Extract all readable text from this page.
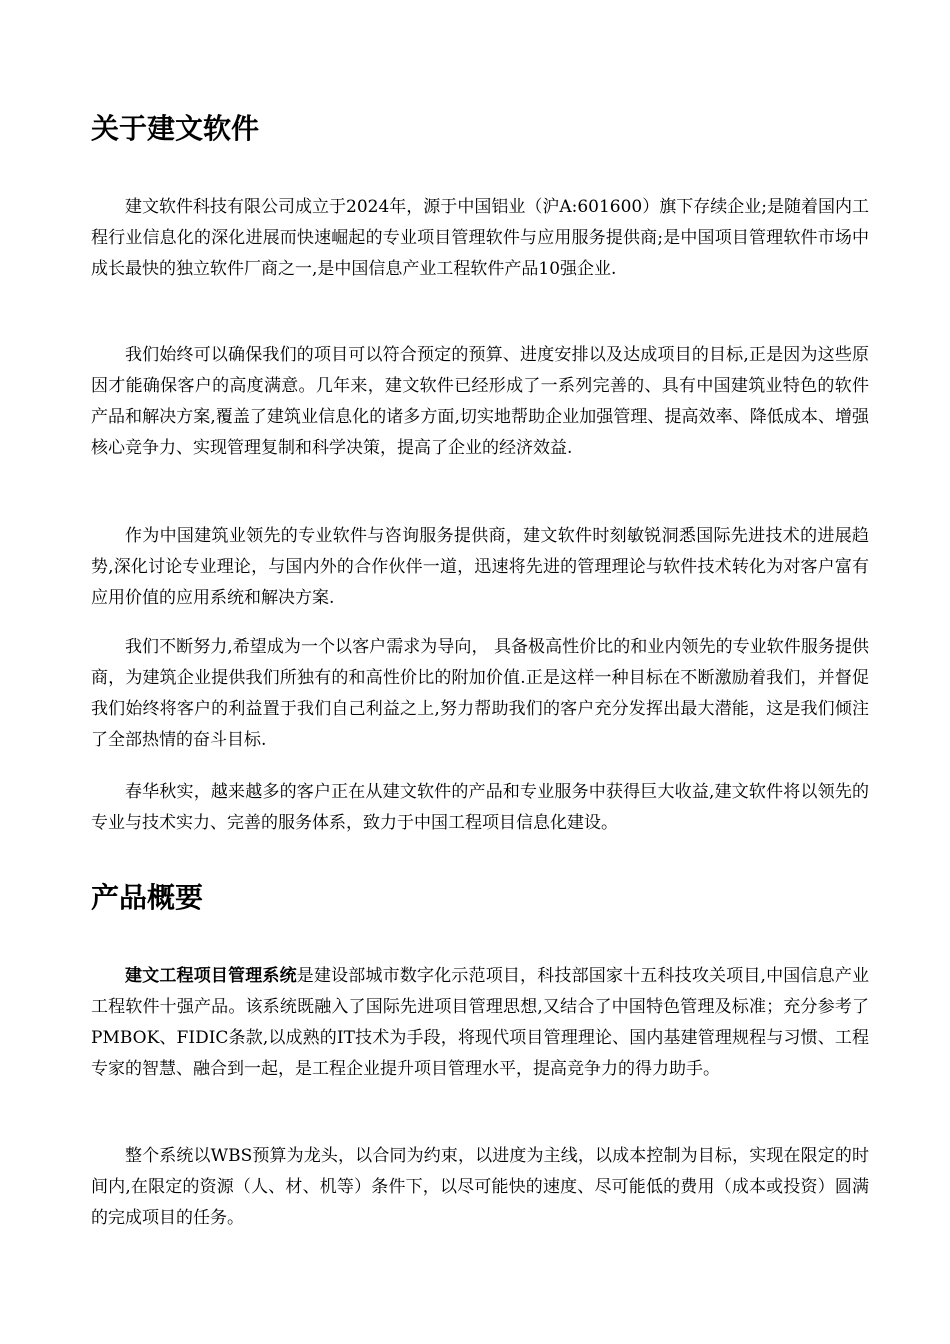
关于建文软件

建文软件科技有限公司成立于2024年，源于中国铝业（沪A:601600）旗下存续企业;是随着国内工程行业信息化的深化进展而快速崛起的专业项目管理软件与应用服务提供商;是中国项目管理软件市场中成长最快的独立软件厂商之一,是中国信息产业工程软件产品10强企业.

我们始终可以确保我们的项目可以符合预定的预算、进度安排以及达成项目的目标,正是因为这些原因才能确保客户的高度满意。几年来，建文软件已经形成了一系列完善的、具有中国建筑业特色的软件产品和解决方案,覆盖了建筑业信息化的诸多方面,切实地帮助企业加强管理、提高效率、降低成本、增强核心竞争力、实现管理复制和科学决策，提高了企业的经济效益.

作为中国建筑业领先的专业软件与咨询服务提供商，建文软件时刻敏锐洞悉国际先进技术的进展趋势,深化讨论专业理论，与国内外的合作伙伴一道，迅速将先进的管理理论与软件技术转化为对客户富有应用价值的应用系统和解决方案.

我们不断努力,希望成为一个以客户需求为导向， 具备极高性价比的和业内领先的专业软件服务提供商，为建筑企业提供我们所独有的和高性价比的附加价值.正是这样一种目标在不断激励着我们，并督促我们始终将客户的利益置于我们自己利益之上,努力帮助我们的客户充分发挥出最大潜能，这是我们倾注了全部热情的奋斗目标.

春华秋实，越来越多的客户正在从建文软件的产品和专业服务中获得巨大收益,建文软件将以领先的专业与技术实力、完善的服务体系，致力于中国工程项目信息化建设。

产品概要

建文工程项目管理系统是建设部城市数字化示范项目，科技部国家十五科技攻关项目,中国信息产业工程软件十强产品。该系统既融入了国际先进项目管理思想,又结合了中国特色管理及标准；充分参考了PMBOK、FIDIC条款,以成熟的IT技术为手段，将现代项目管理理论、国内基建管理规程与习惯、工程专家的智慧、融合到一起，是工程企业提升项目管理水平，提高竞争力的得力助手。

整个系统以WBS预算为龙头，以合同为约束，以进度为主线，以成本控制为目标，实现在限定的时间内,在限定的资源（人、材、机等）条件下，以尽可能快的速度、尽可能低的费用（成本或投资）圆满的完成项目的任务。
